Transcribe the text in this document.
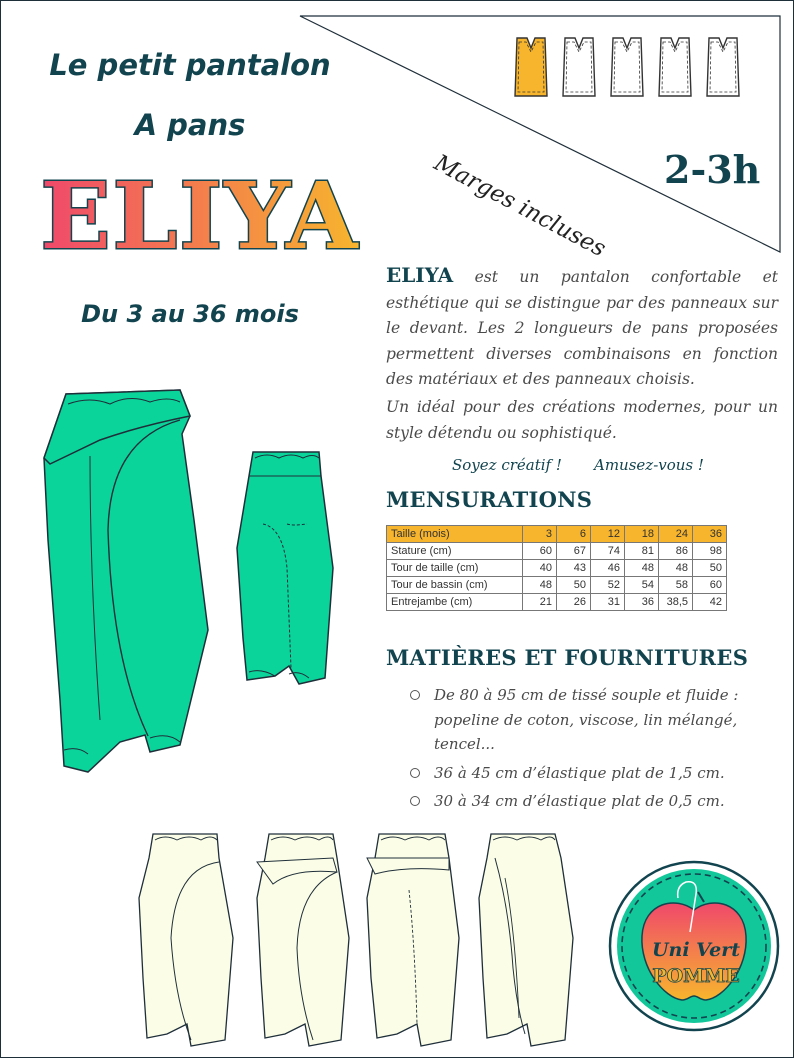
Le petit pantalon
A pans
ELIYA
Du 3 au 36 mois
Marges incluses 2-3h
ELIYA est un pantalon confortable et esthétique qui se distingue par des panneaux sur le devant. Les 2 longueurs de pans proposées permettent diverses combinaisons en fonction des matériaux et des panneaux choisis.
Un idéal pour des créations modernes, pour un style détendu ou sophistiqué.
Soyez créatif ! Amusez-vous !
MENSURATIONS
Taille (mois)	3	6	12	18	24	36
Stature (cm)	60	67	74	81	86	98
Tour de taille (cm)	40	43	46	48	48	50
Tour de bassin (cm)	48	50	52	54	58	60
Entrejambe (cm)	21	26	31	36	38,5	42
MATIÈRES ET FOURNITURES
De 80 à 95 cm de tissé souple et fluide : popeline de coton, viscose, lin mélangé, tencel...
36 à 45 cm d’élastique plat de 1,5 cm.
30 à 34 cm d’élastique plat de 0,5 cm.
Uni Vert
POMME
